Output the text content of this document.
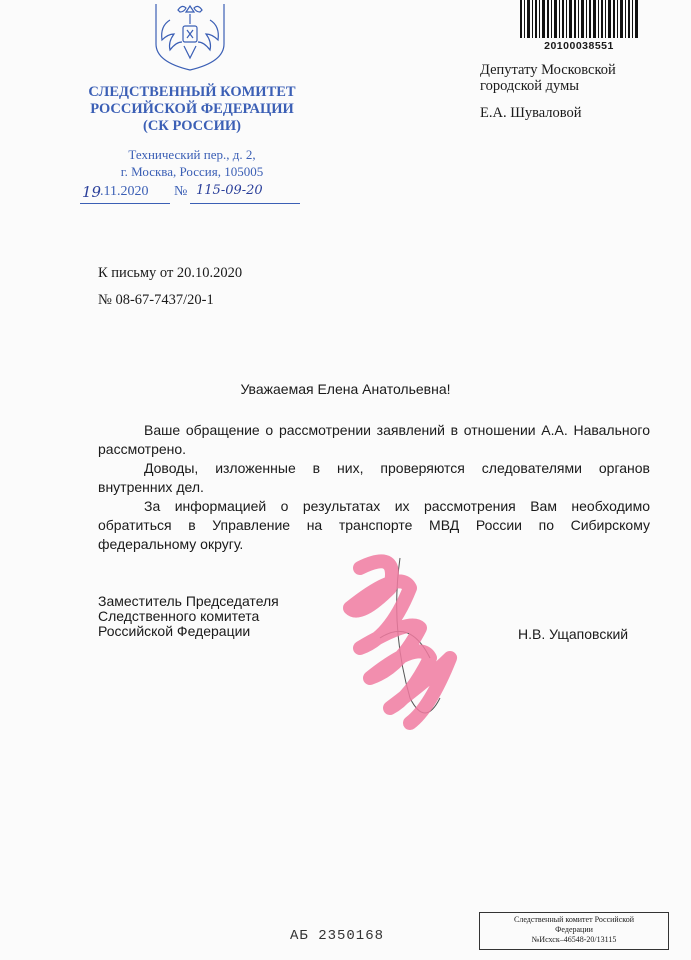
СЛЕДСТВЕННЫЙ КОМИТЕТ
РОССИЙСКОЙ ФЕДЕРАЦИИ
(СК РОССИИ)
Технический пер., д. 2,
г. Москва, Россия, 105005
19
.11.2020 № 115-09-20
20100038551
Депутату Московской
городской думы
Е.А. Шуваловой
К письму от 20.10.2020
№ 08-67-7437/20-1
Уважаемая Елена Анатольевна!

Ваше обращение о рассмотрении заявлений в отношении А.А. Навального рассмотрено.

Доводы, изложенные в них, проверяются следователями органов внутренних дел.

За информацией о результатах их рассмотрения Вам необходимо обратиться в Управление на транспорте МВД России по Сибирскому федеральному округу.

Заместитель Председателя
Следственного комитета
Российской Федерации	Н.В. Ущаповский
АБ 2350168
Следственный комитет Российской
Федерации
№Исхск–46548-20/13115
